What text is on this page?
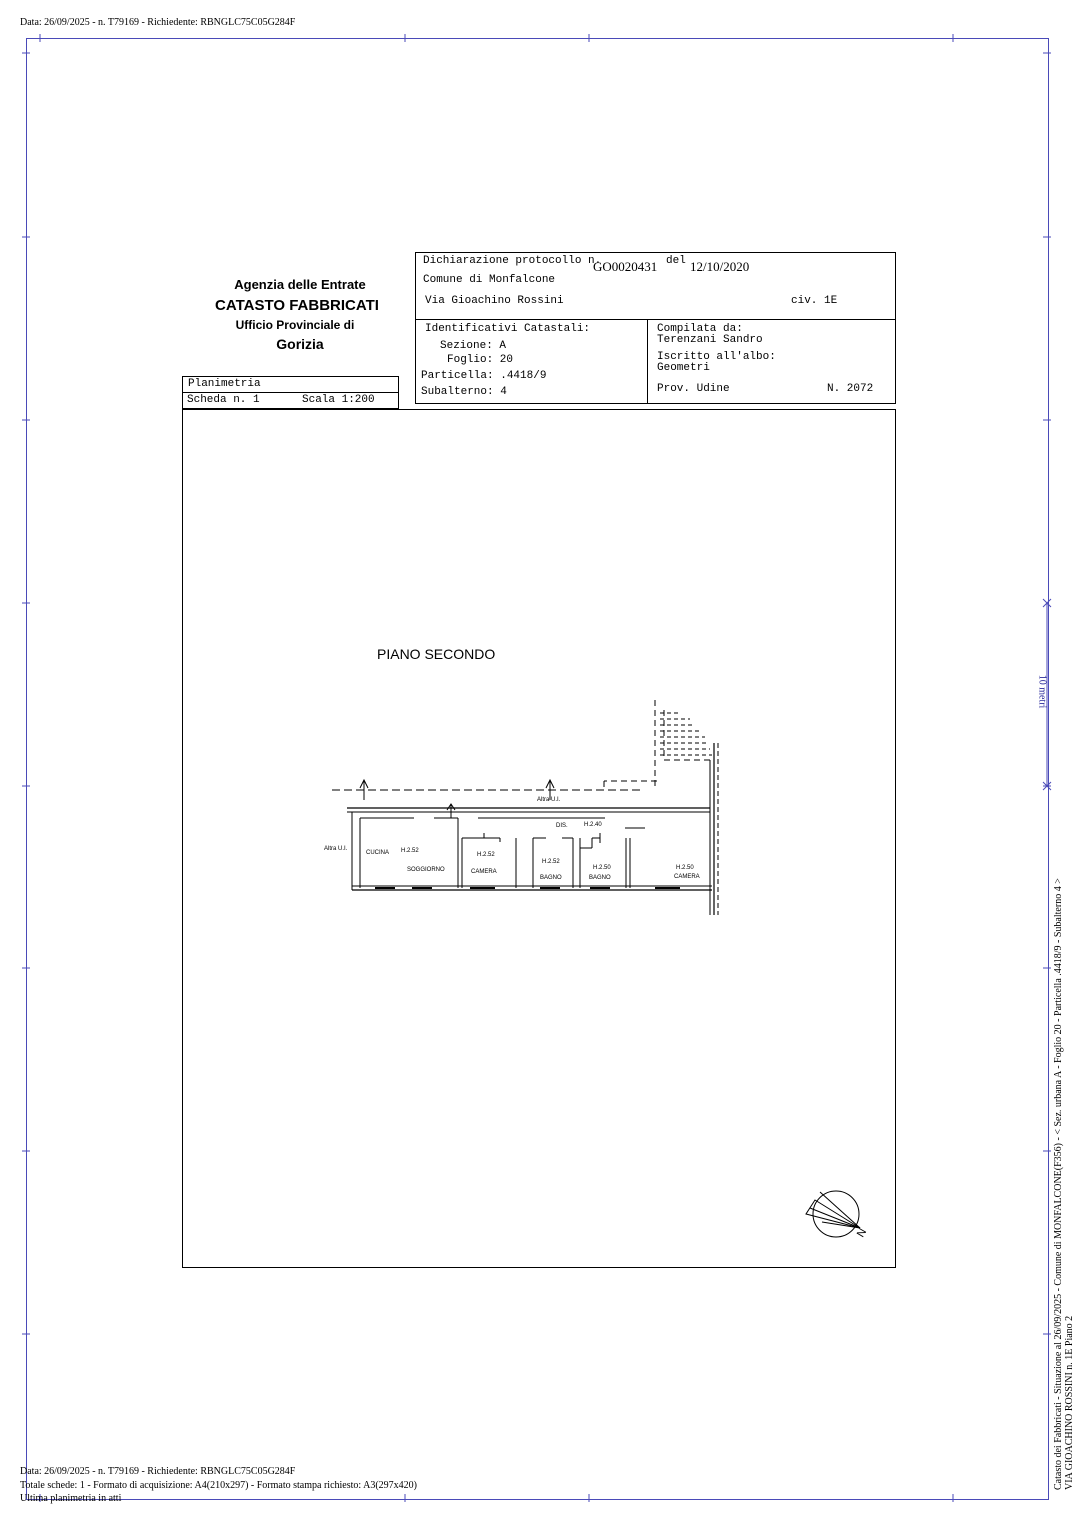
Data: 26/09/2025 - n. T79169 - Richiedente: RBNGLC75C05G284F
Agenzia delle Entrate
CATASTO FABBRICATI
Ufficio Provinciale di
Gorizia
Dichiarazione protocollo n.
GO0020431 del 12/10/2020
Comune di Monfalcone
Via Gioachino Rossini	civ. 1E
Identificativi Catastali:
Sezione: A
Foglio: 20
Particella: .4418/9
Subalterno: 4
Compilata da:
Terenzani Sandro
Iscritto all'albo:
Geometri
Prov. Udine	N. 2072
Planimetria
Scheda n. 1	Scala 1:200
PIANO SECONDO
Altra U.I.
Altra U.I.
DIS.	H.2.40
CUCINA H.2.52
SOGGIORNO
H.2.52
CAMERA
H.2.52
BAGNO
H.2.50
BAGNO
H.2.50
CAMERA
N
10 metri
Catasto dei Fabbricati - Situazione al 26/09/2025 - Comune di MONFALCONE(F356) - < Sez. urbana A - Foglio 20 - Particella .4418/9 - Subalterno 4 > VIA GIOACHINO ROSSINI n. 1E Piano 2
Data: 26/09/2025 - n. T79169 - Richiedente: RBNGLC75C05G284F
Totale schede: 1 - Formato di acquisizione: A4(210x297) - Formato stampa richiesto: A3(297x420)
Ultima planimetria in atti
